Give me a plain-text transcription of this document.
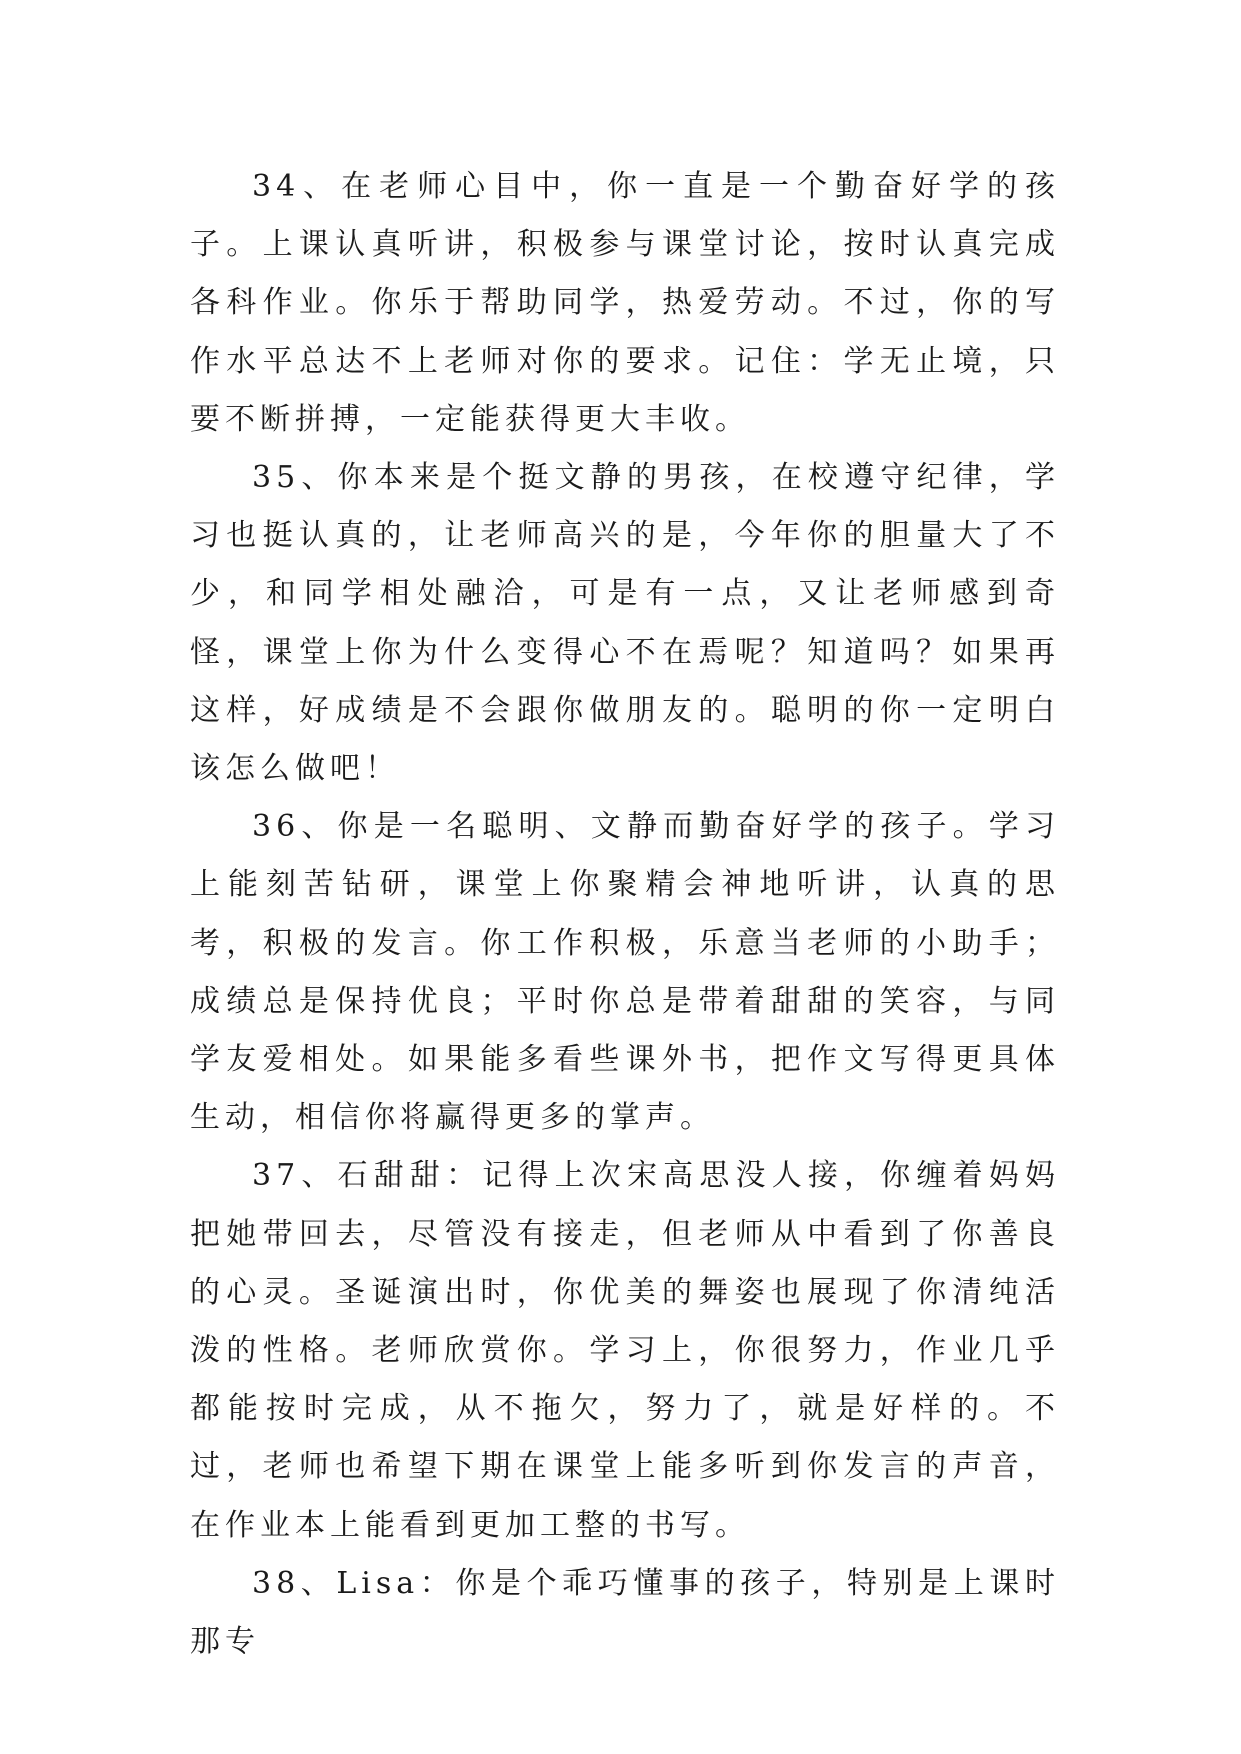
34、在老师心目中，你一直是一个勤奋好学的孩子。上课认真听讲，积极参与课堂讨论，按时认真完成各科作业。你乐于帮助同学，热爱劳动。不过，你的写作水平总达不上老师对你的要求。记住：学无止境，只要不断拼搏，一定能获得更大丰收。

35、你本来是个挺文静的男孩，在校遵守纪律，学习也挺认真的，让老师高兴的是，今年你的胆量大了不少，和同学相处融洽，可是有一点，又让老师感到奇怪，课堂上你为什么变得心不在焉呢？知道吗？如果再这样，好成绩是不会跟你做朋友的。聪明的你一定明白该怎么做吧！

36、你是一名聪明、文静而勤奋好学的孩子。学习上能刻苦钻研，课堂上你聚精会神地听讲，认真的思考，积极的发言。你工作积极，乐意当老师的小助手；成绩总是保持优良；平时你总是带着甜甜的笑容，与同学友爱相处。如果能多看些课外书，把作文写得更具体生动，相信你将赢得更多的掌声。

37、石甜甜：记得上次宋高思没人接，你缠着妈妈把她带回去，尽管没有接走，但老师从中看到了你善良的心灵。圣诞演出时，你优美的舞姿也展现了你清纯活泼的性格。老师欣赏你。学习上，你很努力，作业几乎都能按时完成，从不拖欠，努力了，就是好样的。不过，老师也希望下期在课堂上能多听到你发言的声音，在作业本上能看到更加工整的书写。

38、Lisa：你是个乖巧懂事的孩子，特别是上课时那专
